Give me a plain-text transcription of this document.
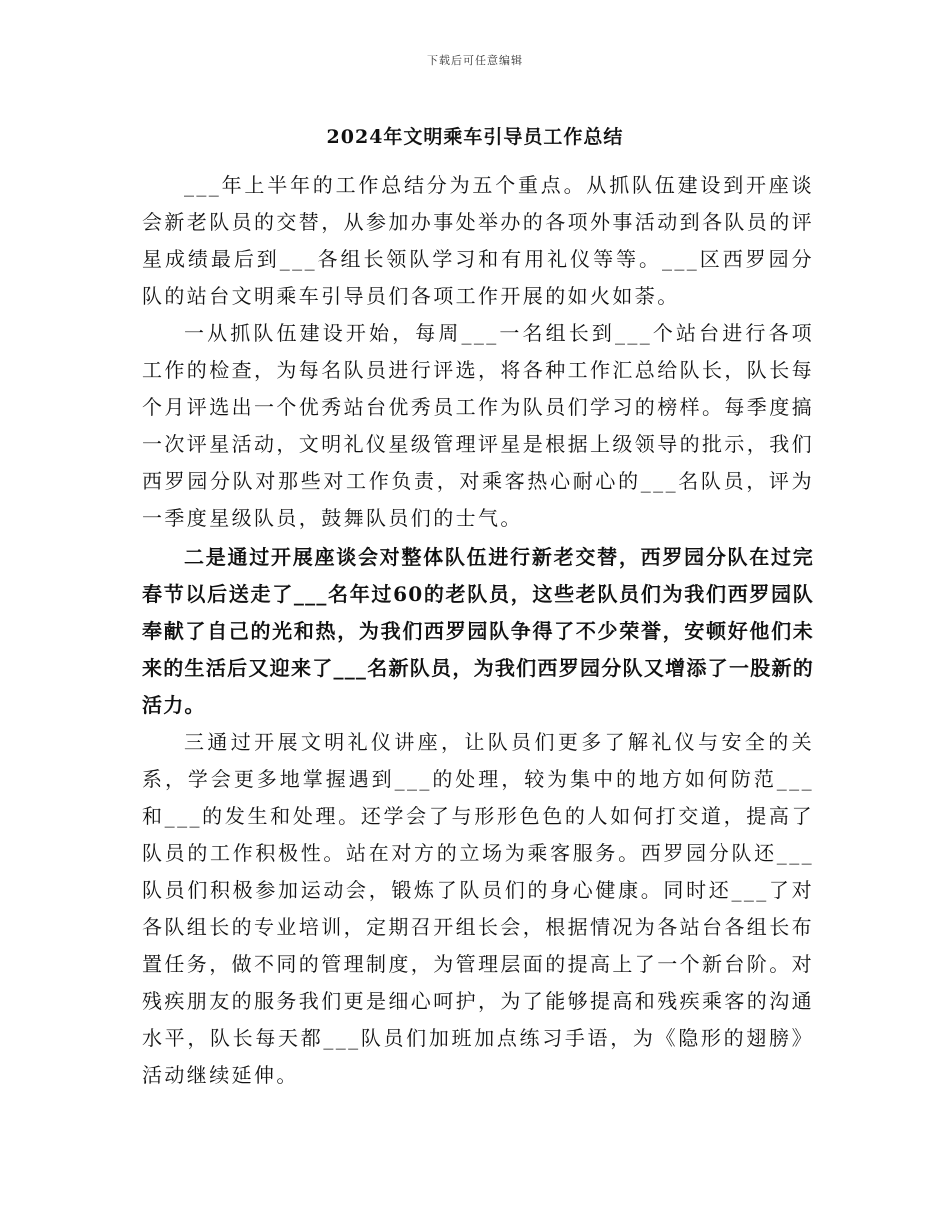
下载后可任意编辑
2024年文明乘车引导员工作总结

___年上半年的工作总结分为五个重点。从抓队伍建设到开座谈会新老队员的交替，从参加办事处举办的各项外事活动到各队员的评星成绩最后到___各组长领队学习和有用礼仪等等。___区西罗园分队的站台文明乘车引导员们各项工作开展的如火如荼。

一从抓队伍建设开始，每周___一名组长到___个站台进行各项工作的检查，为每名队员进行评选，将各种工作汇总给队长，队长每个月评选出一个优秀站台优秀员工作为队员们学习的榜样。每季度搞一次评星活动，文明礼仪星级管理评星是根据上级领导的批示，我们西罗园分队对那些对工作负责，对乘客热心耐心的___名队员，评为一季度星级队员，鼓舞队员们的士气。

二是通过开展座谈会对整体队伍进行新老交替，西罗园分队在过完春节以后送走了___名年过60的老队员，这些老队员们为我们西罗园队奉献了自己的光和热，为我们西罗园队争得了不少荣誉，安顿好他们未来的生活后又迎来了___名新队员，为我们西罗园分队又增添了一股新的活力。

三通过开展文明礼仪讲座，让队员们更多了解礼仪与安全的关系，学会更多地掌握遇到___的处理，较为集中的地方如何防范___和___的发生和处理。还学会了与形形色色的人如何打交道，提高了队员的工作积极性。站在对方的立场为乘客服务。西罗园分队还___队员们积极参加运动会，锻炼了队员们的身心健康。同时还___了对各队组长的专业培训，定期召开组长会，根据情况为各站台各组长布置任务，做不同的管理制度，为管理层面的提高上了一个新台阶。对残疾朋友的服务我们更是细心呵护，为了能够提高和残疾乘客的沟通水平，队长每天都___队员们加班加点练习手语，为《隐形的翅膀》活动继续延伸。
